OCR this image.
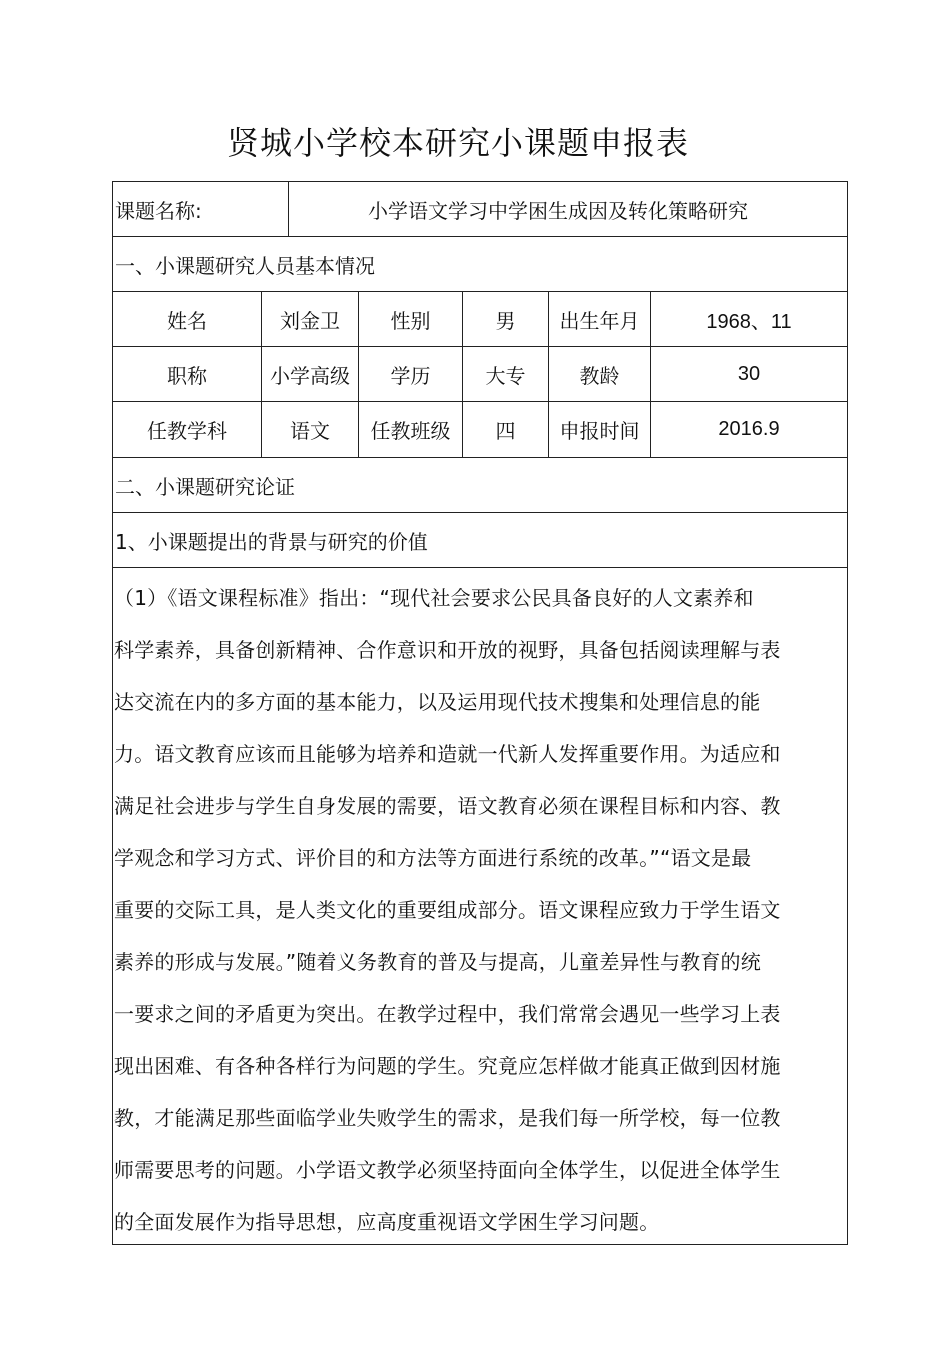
贤城小学校本研究小课题申报表
课题名称:	小学语文学习中学困生成因及转化策略研究
一、小课题研究人员基本情况
姓名	刘金卫	性别	男	出生年月	1968、11
职称	小学高级	学历	大专	教龄	30
任教学科	语文	任教班级	四	申报时间	2016.9
二、小课题研究论证
1、小课题提出的背景与研究的价值
（1）《语文课程标准》指出：“现代社会要求公民具备良好的人文素养和
科学素养，具备创新精神、合作意识和开放的视野，具备包括阅读理解与表
达交流在内的多方面的基本能力，以及运用现代技术搜集和处理信息的能
力。语文教育应该而且能够为培养和造就一代新人发挥重要作用。为适应和
满足社会进步与学生自身发展的需要，语文教育必须在课程目标和内容、教
学观念和学习方式、评价目的和方法等方面进行系统的改革。”“语文是最
重要的交际工具，是人类文化的重要组成部分。语文课程应致力于学生语文
素养的形成与发展。”随着义务教育的普及与提高，儿童差异性与教育的统
一要求之间的矛盾更为突出。在教学过程中，我们常常会遇见一些学习上表
现出困难、有各种各样行为问题的学生。究竟应怎样做才能真正做到因材施
教，才能满足那些面临学业失败学生的需求，是我们每一所学校，每一位教
师需要思考的问题。小学语文教学必须坚持面向全体学生，以促进全体学生
的全面发展作为指导思想，应高度重视语文学困生学习问题。
